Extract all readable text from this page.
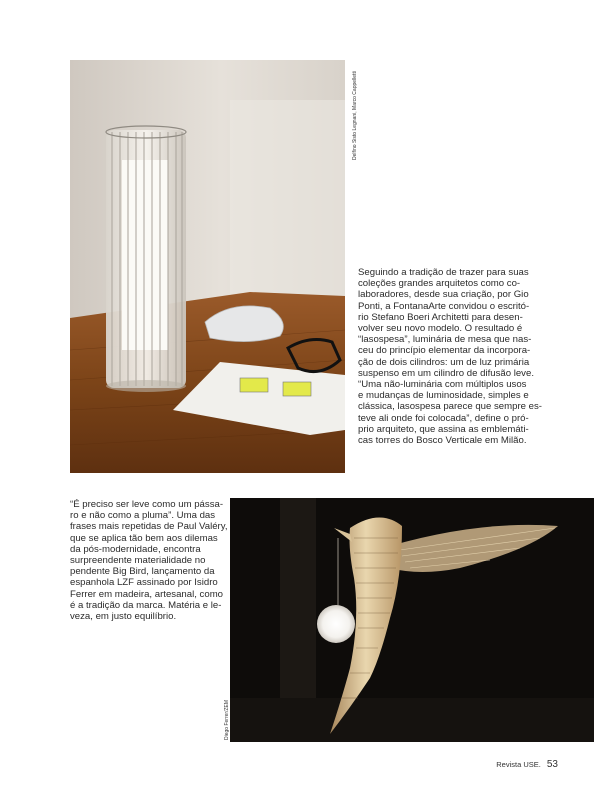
Delfino Sisto Legnani, Marco Cappelletti
Seguindo a tradição de trazer para suas
coleções grandes arquitetos como co-
laboradores, desde sua criação, por Gio
Ponti, a FontanaArte convidou o escritó-
rio Stefano Boeri Architetti para desen-
volver seu novo modelo. O resultado é
“lasospesa”, luminária de mesa que nas-
ceu do princípio elementar da incorpora-
ção de dois cilindros: um de luz primária
suspenso em um cilindro de difusão leve.
“Uma não-luminária com múltiplos usos
e mudanças de luminosidade, simples e
clássica, lasospesa parece que sempre es-
teve ali onde foi colocada”, define o pró-
prio arquiteto, que assina as emblemáti-
cas torres do Bosco Verticale em Milão.
“É preciso ser leve como um pássa-
ro e não como a pluma”. Uma das
frases mais repetidas de Paul Valéry,
que se aplica tão bem aos dilemas
da pós-modernidade, encontra
surpreendente materialidade no
pendente Big Bird, lançamento da
espanhola LZF assinado por Isidro
Ferrer em madeira, artesanal, como
é a tradição da marca. Matéria e le-
veza, em justo equilíbrio.
Diego Ferrer/ZEM
Revista USE. 53
